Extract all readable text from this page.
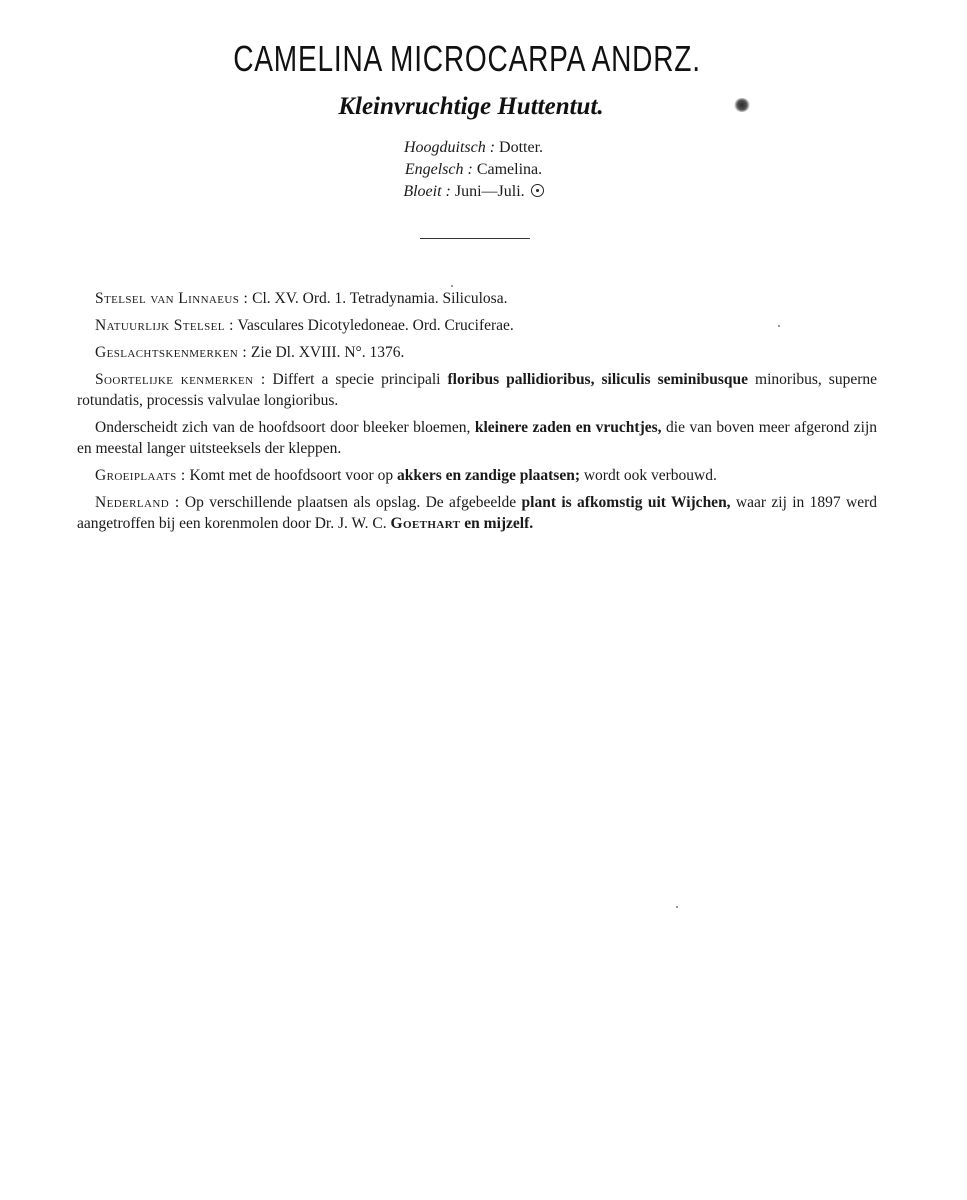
CAMELINA MICROCARPA ANDRZ.
Kleinvruchtige Huttentut.
Hoogduitsch : Dotter.
Engelsch : Camelina.
Bloeit : Juni—Juli.

Stelsel van Linnaeus : Cl. XV. Ord. 1. Tetradynamia. Siliculosa.

Natuurlijk Stelsel : Vasculares Dicotyledoneae. Ord. Cruciferae.

Geslachtskenmerken : Zie Dl. XVIII. N°. 1376.

Soortelijke kenmerken : Differt a specie principali floribus pallidioribus, siliculis seminibusque minoribus, superne rotundatis, processis valvulae longioribus.

Onderscheidt zich van de hoofdsoort door bleeker bloemen, kleinere zaden en vruchtjes, die van boven meer afgerond zijn en meestal langer uitsteeksels der kleppen.

Groeiplaats : Komt met de hoofdsoort voor op akkers en zandige plaatsen; wordt ook verbouwd.

Nederland : Op verschillende plaatsen als opslag. De afgebeelde plant is afkomstig uit Wijchen, waar zij in 1897 werd aangetroffen bij een korenmolen door Dr. J. W. C. Goethart en mijzelf.
